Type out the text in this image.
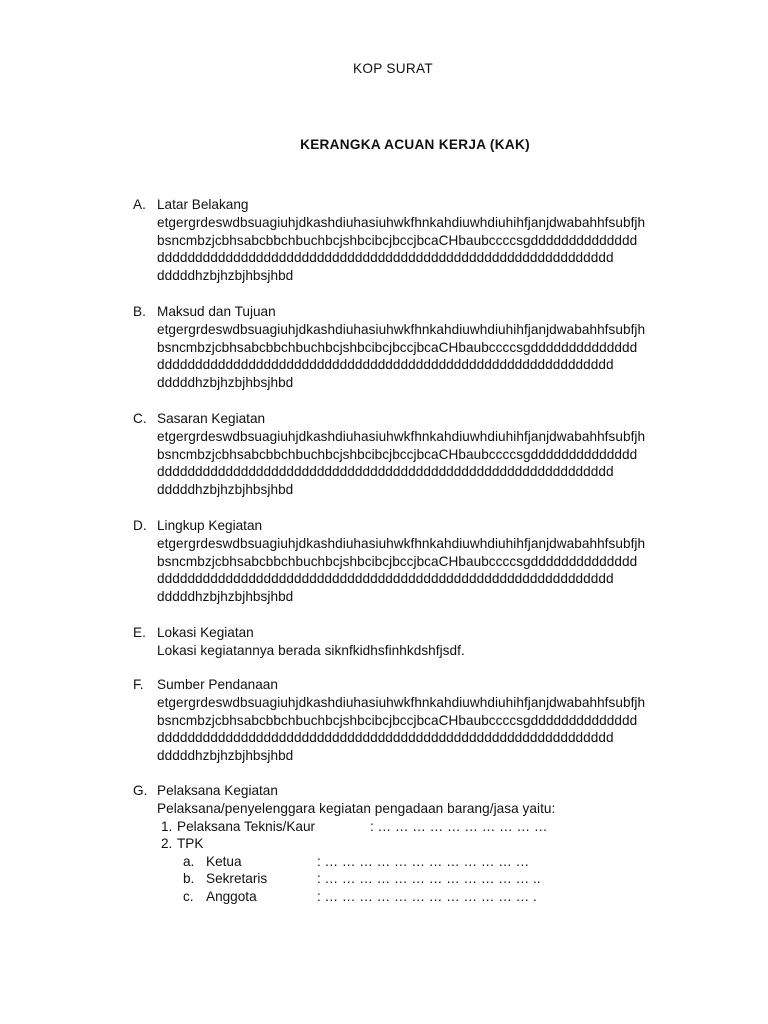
KOP SURAT
KERANGKA ACUAN KERJA (KAK)
A. Latar Belakang
etgergrdeswdbsuagiuhjdkashdiuhasiuhwkfhnkahdiuwhdiuhihfjanjdwabahhfsubfjh
bsncmbzjcbhsabcbbchbuchbcjshbcibcjbccjbcaCHbaubccccsgdddddddddddddd
dddddddddddddddddddddddddddddddddddddddddddddddddddddddddddd
dddddhzbjhzbjhbsjhbd
B. Maksud dan Tujuan
etgergrdeswdbsuagiuhjdkashdiuhasiuhwkfhnkahdiuwhdiuhihfjanjdwabahhfsubfjh
bsncmbzjcbhsabcbbchbuchbcjshbcibcjbccjbcaCHbaubccccsgdddddddddddddd
dddddddddddddddddddddddddddddddddddddddddddddddddddddddddddd
dddddhzbjhzbjhbsjhbd
C. Sasaran Kegiatan
etgergrdeswdbsuagiuhjdkashdiuhasiuhwkfhnkahdiuwhdiuhihfjanjdwabahhfsubfjh
bsncmbzjcbhsabcbbchbuchbcjshbcibcjbccjbcaCHbaubccccsgdddddddddddddd
dddddddddddddddddddddddddddddddddddddddddddddddddddddddddddd
dddddhzbjhzbjhbsjhbd
D. Lingkup Kegiatan
etgergrdeswdbsuagiuhjdkashdiuhasiuhwkfhnkahdiuwhdiuhihfjanjdwabahhfsubfjh
bsncmbzjcbhsabcbbchbuchbcjshbcibcjbccjbcaCHbaubccccsgdddddddddddddd
dddddddddddddddddddddddddddddddddddddddddddddddddddddddddddd
dddddhzbjhzbjhbsjhbd
E. Lokasi Kegiatan
Lokasi kegiatannya berada siknfkidhsfinhkdshfjsdf.
F. Sumber Pendanaan
etgergrdeswdbsuagiuhjdkashdiuhasiuhwkfhnkahdiuwhdiuhihfjanjdwabahhfsubfjh
bsncmbzjcbhsabcbbchbuchbcjshbcibcjbccjbcaCHbaubccccsgdddddddddddddd
dddddddddddddddddddddddddddddddddddddddddddddddddddddddddddd
dddddhzbjhzbjhbsjhbd
G. Pelaksana Kegiatan
Pelaksana/penyelenggara kegiatan pengadaan barang/jasa yaitu:
1. Pelaksana Teknis/Kaur	: … … … … … … … … … …
2. TPK
a. Ketua	: … … … … … … … … … … … …
b. Sekretaris	: … … … … … … … … … … … … ..
c. Anggota	: … … … … … … … … … … … … .
